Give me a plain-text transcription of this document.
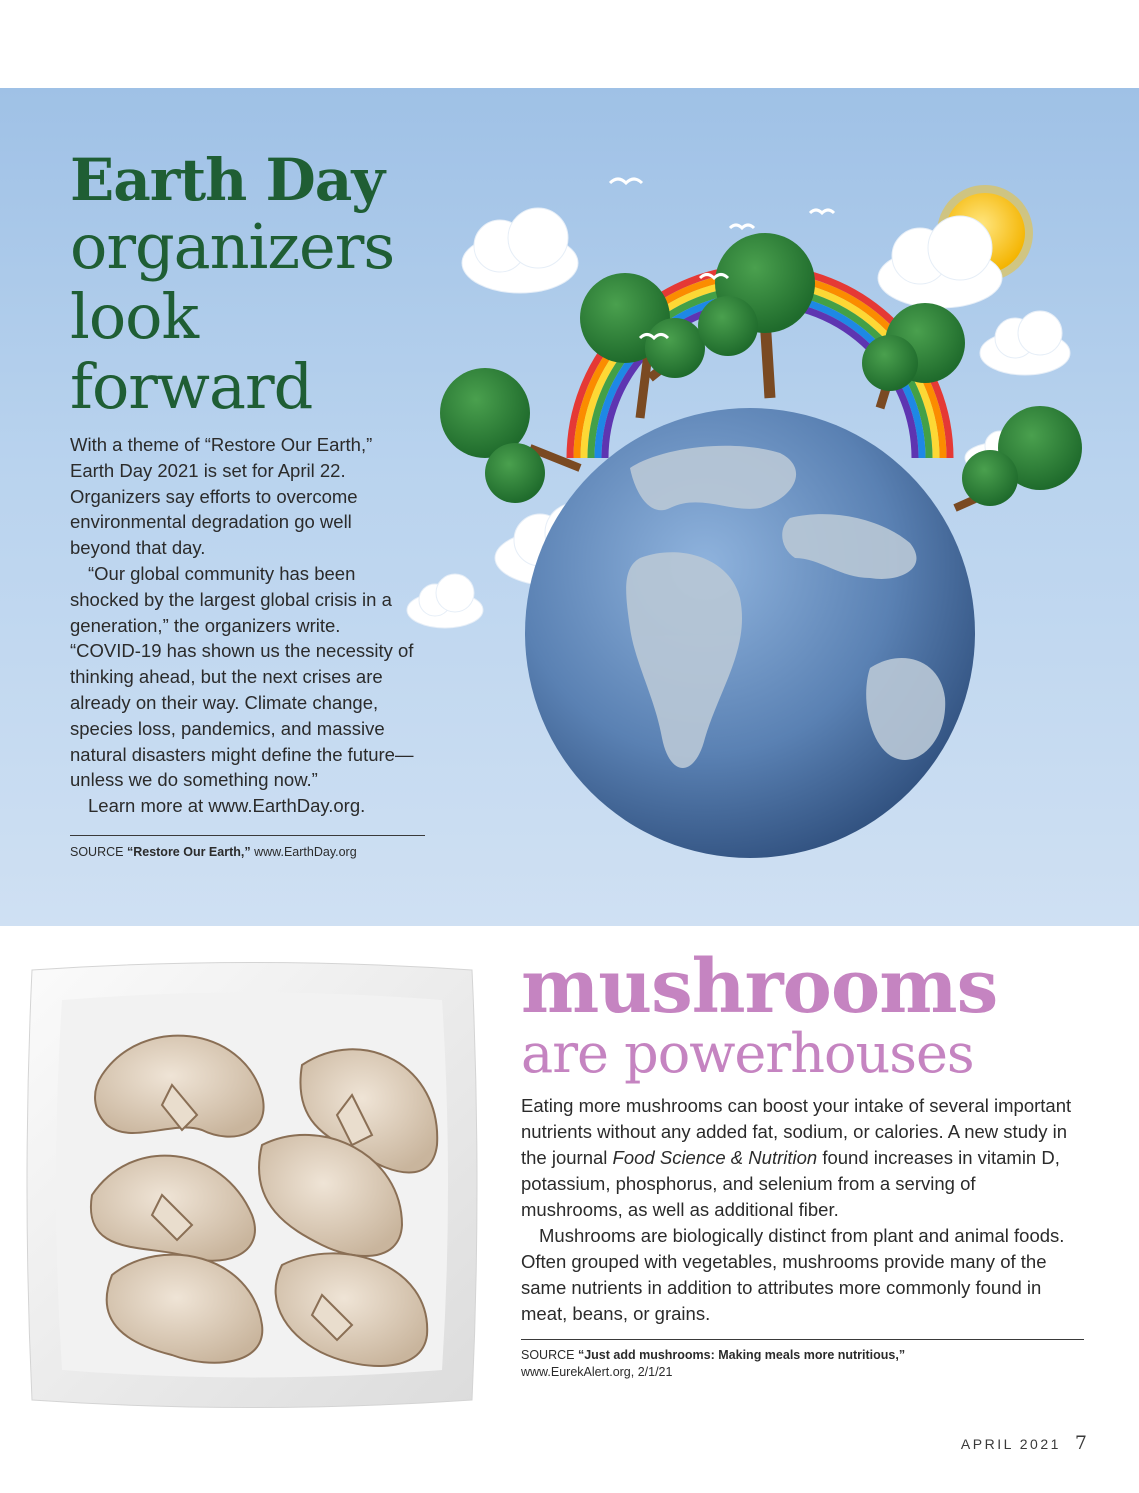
Earth Day
organizers
look
forward

With a theme of “Restore Our Earth,” Earth Day 2021 is set for April 22. Organizers say efforts to overcome environmental degradation go well beyond that day.

“Our global community has been shocked by the largest global crisis in a generation,” the organizers write. “COVID-19 has shown us the necessity of thinking ahead, but the next crises are already on their way. Climate change, species loss, pandemics, and massive natural disasters might define the future—unless we do something now.”

Learn more at www.EarthDay.org.

SOURCE “Restore Our Earth,” www.EarthDay.org
mushrooms
are powerhouses

Eating more mushrooms can boost your intake of several important nutrients without any added fat, sodium, or calories. A new study in the journal Food Science & Nutrition found increases in vitamin D, potassium, phosphorus, and selenium from a serving of mushrooms, as well as additional fiber.

Mushrooms are biologically distinct from plant and animal foods. Often grouped with vegetables, mushrooms provide many of the same nutrients in addition to attributes more commonly found in meat, beans, or grains.

SOURCE “Just add mushrooms: Making meals more nutritious,”
www.EurekAlert.org, 2/1/21
APRIL 2021 7
